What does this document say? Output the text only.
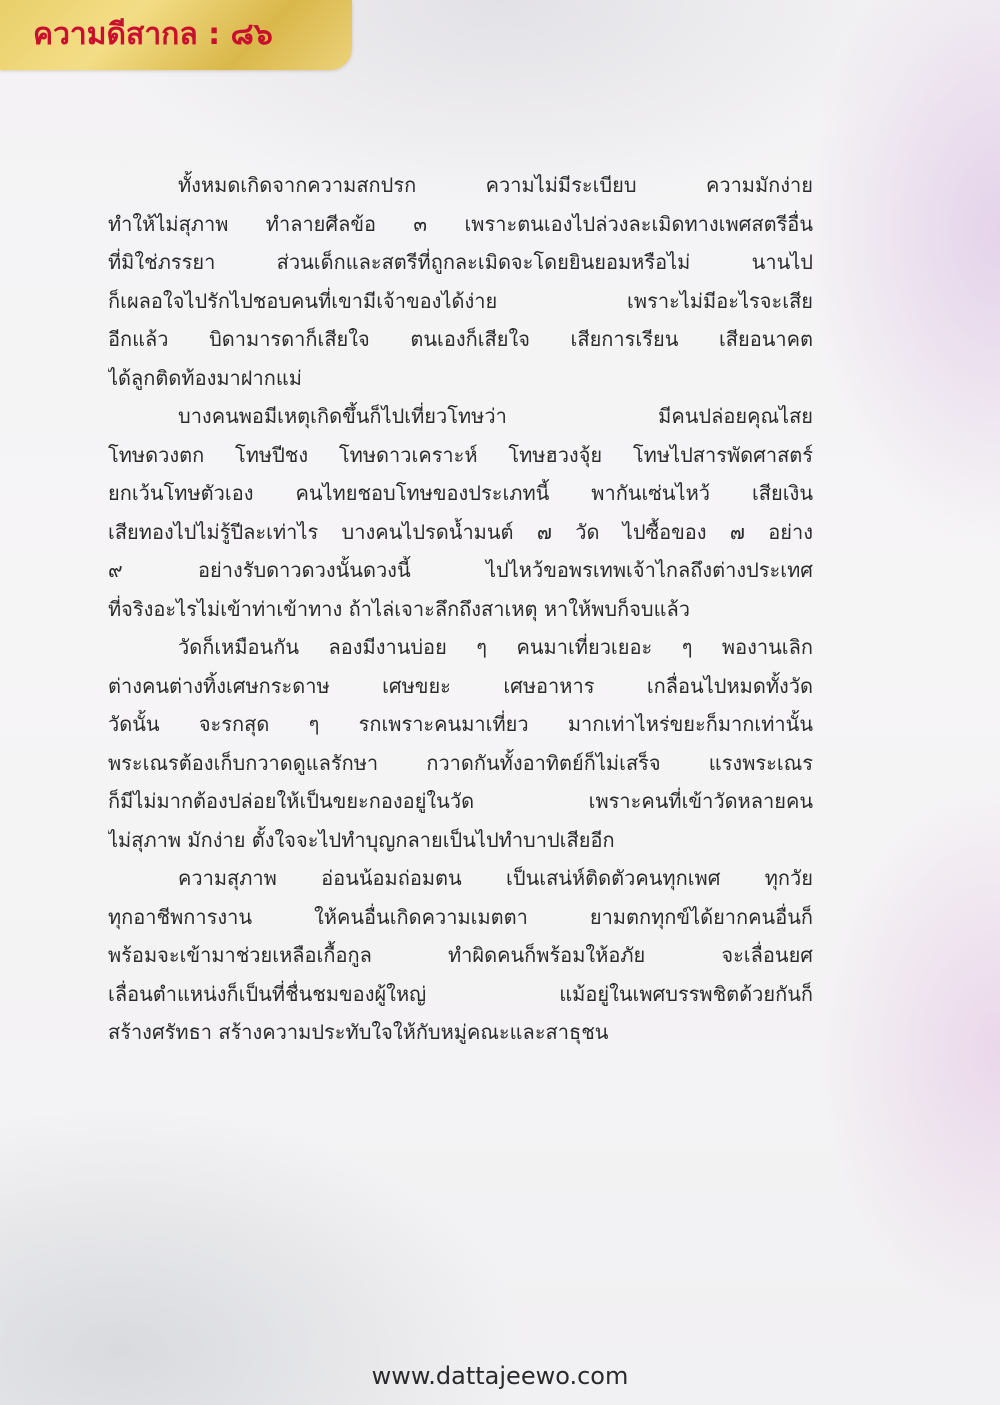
ความดีสากล : ๘๖

ทั้งหมดเกิดจากความสกปรก ความไม่มีระเบียบ ความมักง่าย
ทำให้ไม่สุภาพ ทำลายศีลข้อ ๓ เพราะตนเองไปล่วงละเมิดทางเพศสตรีอื่น
ที่มิใช่ภรรยา ส่วนเด็กและสตรีที่ถูกละเมิดจะโดยยินยอมหรือไม่ นานไป
ก็เผลอใจไปรักไปชอบคนที่เขามีเจ้าของได้ง่าย เพราะไม่มีอะไรจะเสีย
อีกแล้ว บิดามารดาก็เสียใจ ตนเองก็เสียใจ เสียการเรียน เสียอนาคต
ได้ลูกติดท้องมาฝากแม่

บางคนพอมีเหตุเกิดขึ้นก็ไปเที่ยวโทษว่า มีคนปล่อยคุณไสย
โทษดวงตก โทษปีชง โทษดาวเคราะห์ โทษฮวงจุ้ย โทษไปสารพัดศาสตร์
ยกเว้นโทษตัวเอง คนไทยชอบโทษของประเภทนี้ พากันเซ่นไหว้ เสียเงิน
เสียทองไปไม่รู้ปีละเท่าไร บางคนไปรดน้ำมนต์ ๗ วัด ไปซื้อของ ๗ อย่าง
๙ อย่างรับดาวดวงนั้นดวงนี้ ไปไหว้ขอพรเทพเจ้าไกลถึงต่างประเทศ
ที่จริงอะไรไม่เข้าท่าเข้าทาง ถ้าไล่เจาะลึกถึงสาเหตุ หาให้พบก็จบแล้ว

วัดก็เหมือนกัน ลองมีงานบ่อย ๆ คนมาเที่ยวเยอะ ๆ พองานเลิก
ต่างคนต่างทิ้งเศษกระดาษ เศษขยะ เศษอาหาร เกลื่อนไปหมดทั้งวัด
วัดนั้น จะรกสุด ๆ รกเพราะคนมาเที่ยว มากเท่าไหร่ขยะก็มากเท่านั้น
พระเณรต้องเก็บกวาดดูแลรักษา กวาดกันทั้งอาทิตย์ก็ไม่เสร็จ แรงพระเณร
ก็มีไม่มากต้องปล่อยให้เป็นขยะกองอยู่ในวัด เพราะคนที่เข้าวัดหลายคน
ไม่สุภาพ มักง่าย ตั้งใจจะไปทำบุญกลายเป็นไปทำบาปเสียอีก

ความสุภาพ อ่อนน้อมถ่อมตน เป็นเสน่ห์ติดตัวคนทุกเพศ ทุกวัย
ทุกอาชีพการงาน ให้คนอื่นเกิดความเมตตา ยามตกทุกข์ได้ยากคนอื่นก็
พร้อมจะเข้ามาช่วยเหลือเกื้อกูล ทำผิดคนก็พร้อมให้อภัย จะเลื่อนยศ
เลื่อนตำแหน่งก็เป็นที่ชื่นชมของผู้ใหญ่ แม้อยู่ในเพศบรรพชิตด้วยกันก็
สร้างศรัทธา สร้างความประทับใจให้กับหมู่คณะและสาธุชน

www.dattajeewo.com
